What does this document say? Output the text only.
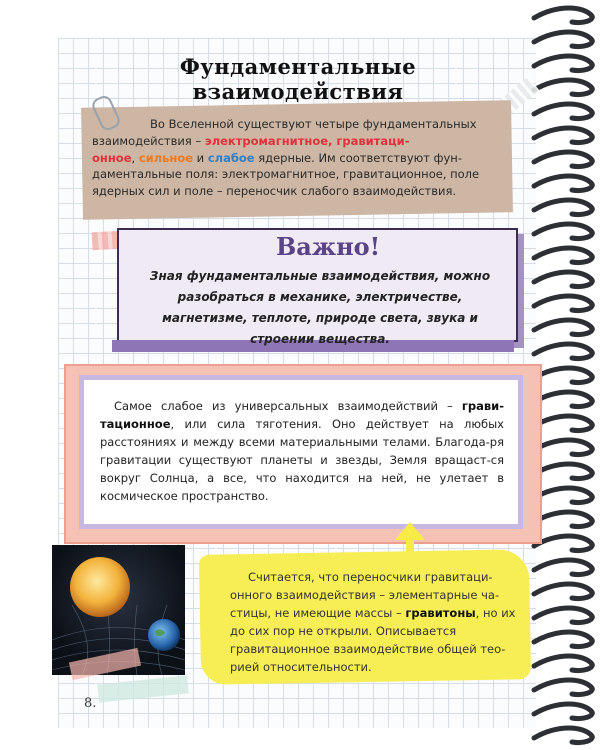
Фундаментальные взаимодействия
Во Вселенной существуют четыре фундаментальных
взаимодействия – электромагнитное, гравитаци-
онное, сильное и слабое ядерные. Им соответствуют фун-
даментальные поля: электромагнитное, гравитационное, поле
ядерных сил и поле – переносчик слабого взаимодействия.
Важно!
Зная фундаментальные взаимодействия, можно разобраться в механике, электричестве, магнетизме, теплоте, природе света, звука и строении вещества.
Самое слабое из универсальных взаимодействий – грави-тационное, или сила тяготения. Оно действует на любых расстояниях и между всеми материальными телами. Благода-ря гравитации существуют планеты и звезды, Земля вращаст-ся вокруг Солнца, а все, что находится на ней, не улетает в космическое пространство.
Считается, что переносчики гравитаци-онного взаимодействия – элементарные ча-стицы, не имеющие массы – гравитоны, но их до сих пор не открыли. Описывается гравитационное взаимодействие общей тео-рией относительности.
8.
